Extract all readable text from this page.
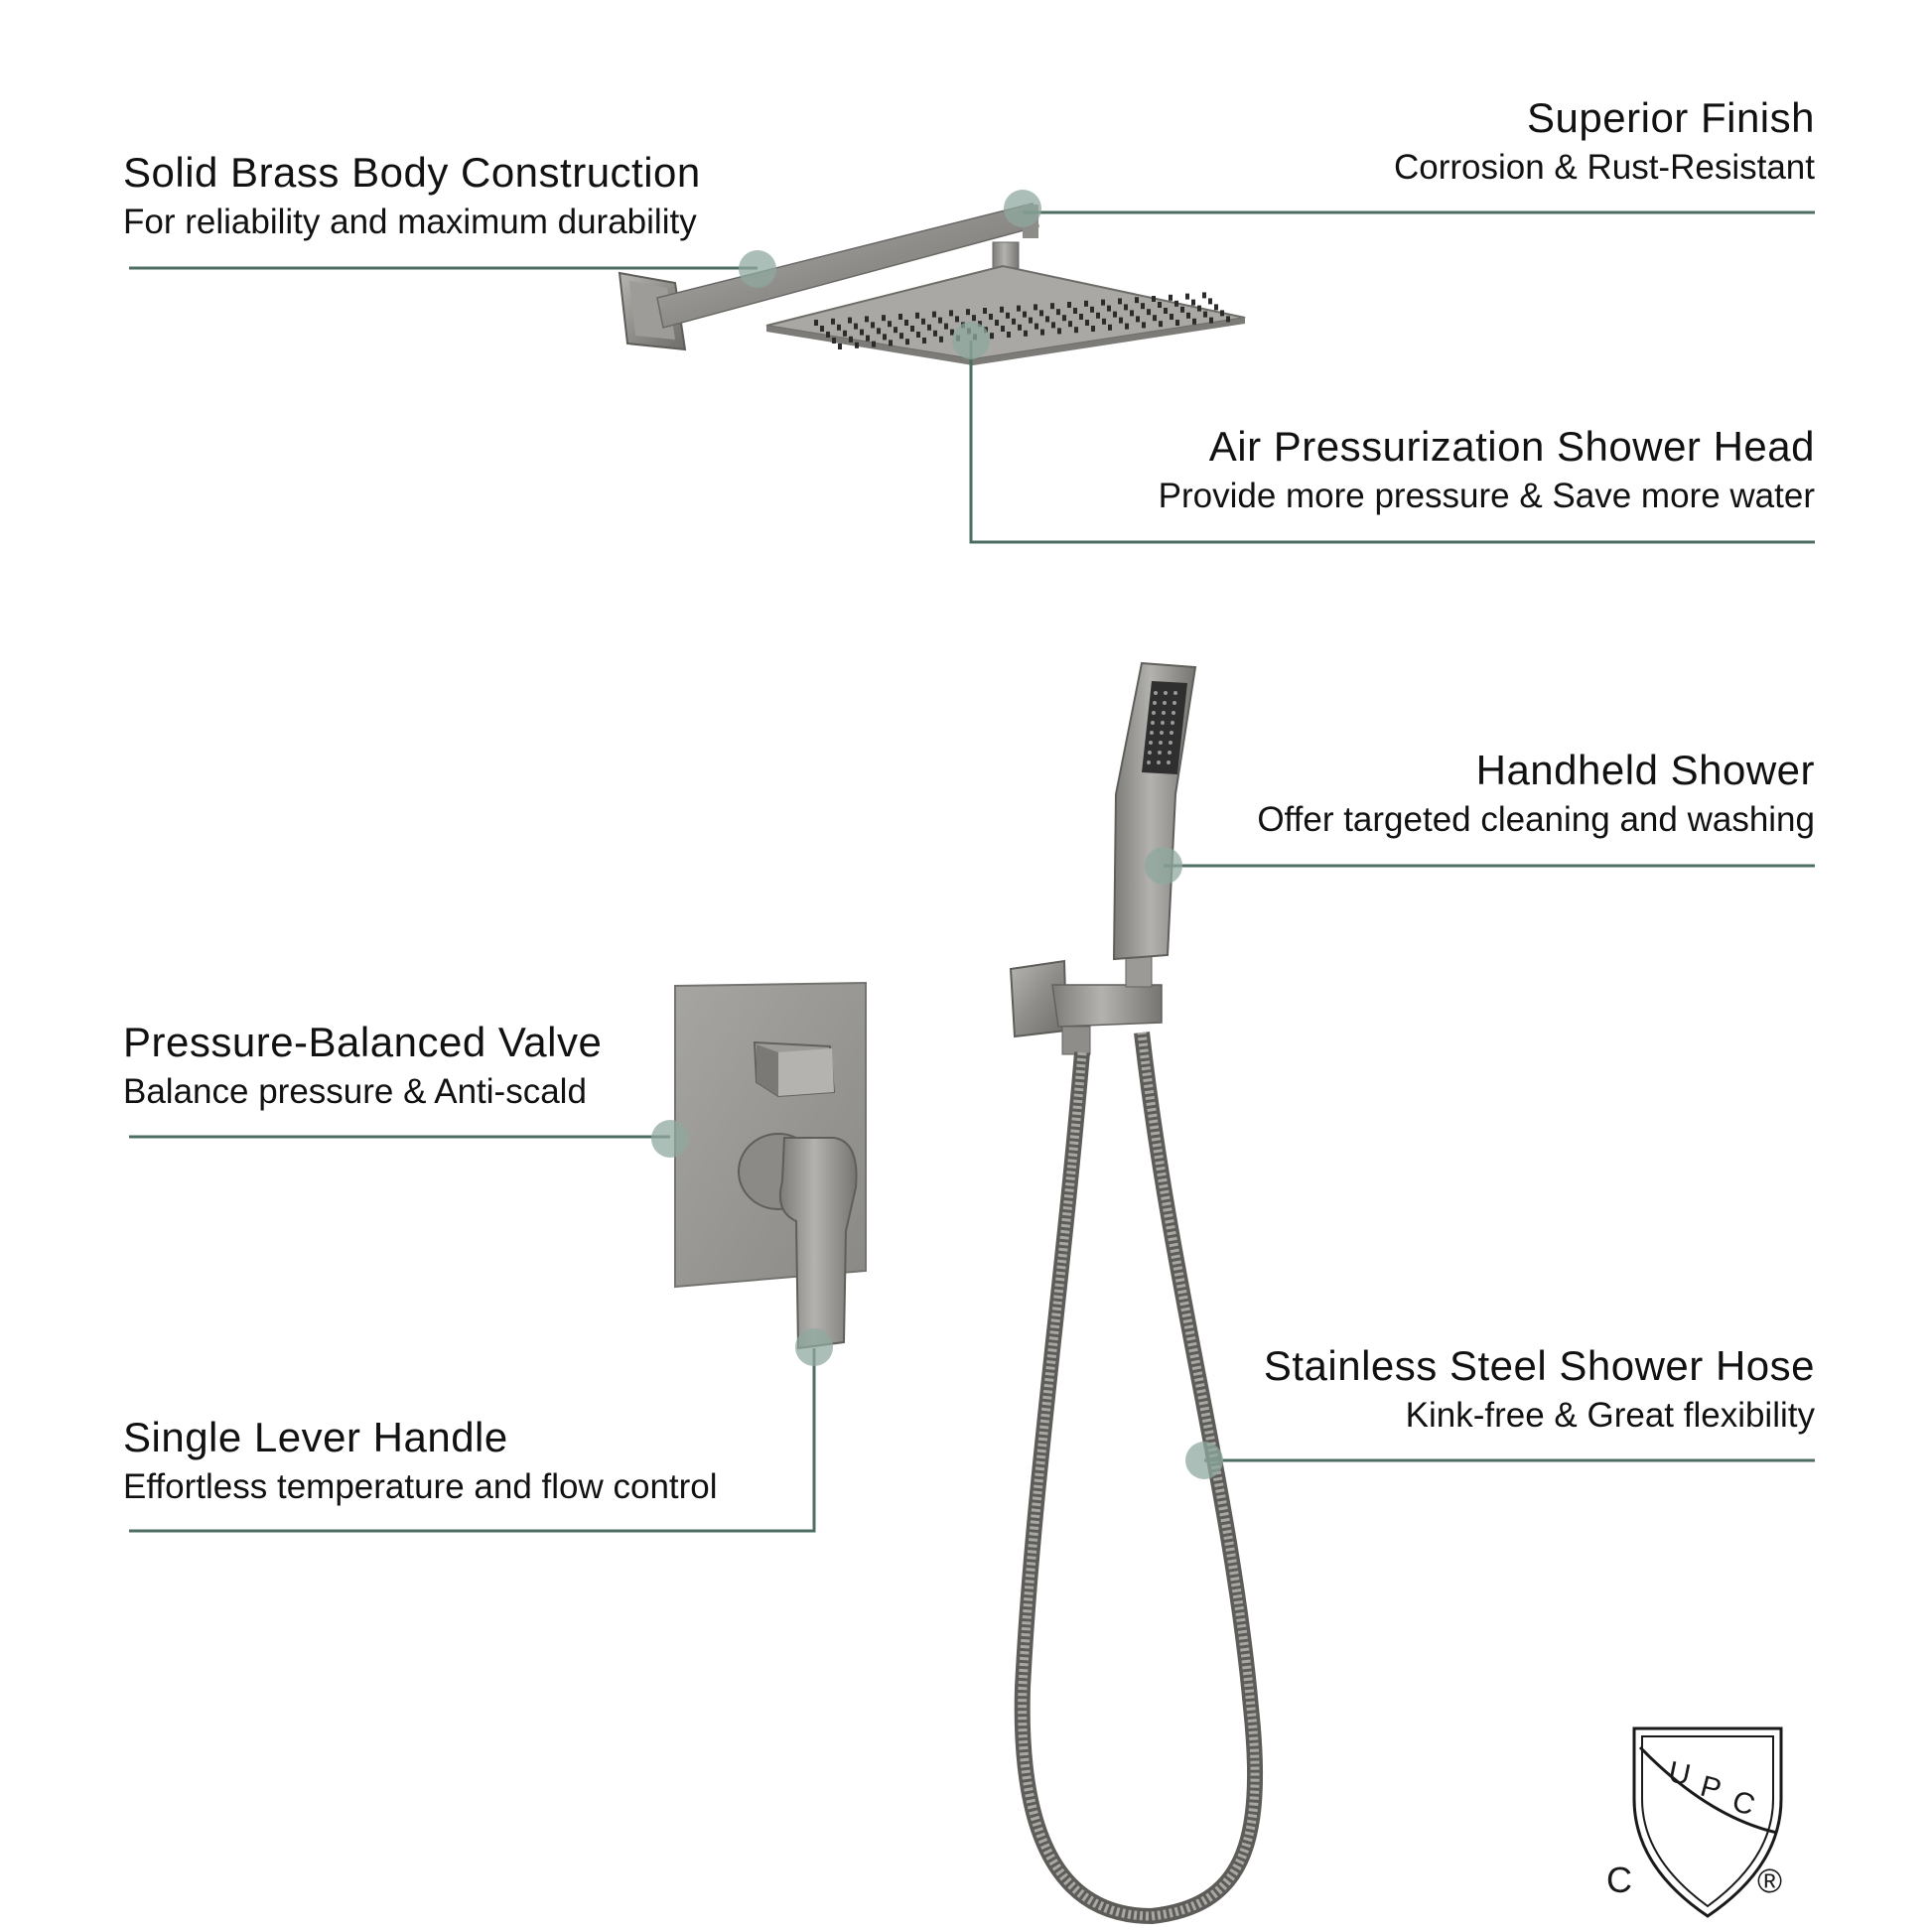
U P C
C	®
Solid Brass Body Construction
For reliability and maximum durability
Superior Finish
Corrosion & Rust-Resistant
Air Pressurization Shower Head
Provide more pressure & Save more water
Handheld Shower
Offer targeted cleaning and washing
Pressure-Balanced Valve
Balance pressure & Anti-scald
Stainless Steel Shower Hose
Kink-free & Great flexibility
Single Lever Handle
Effortless temperature and flow control
